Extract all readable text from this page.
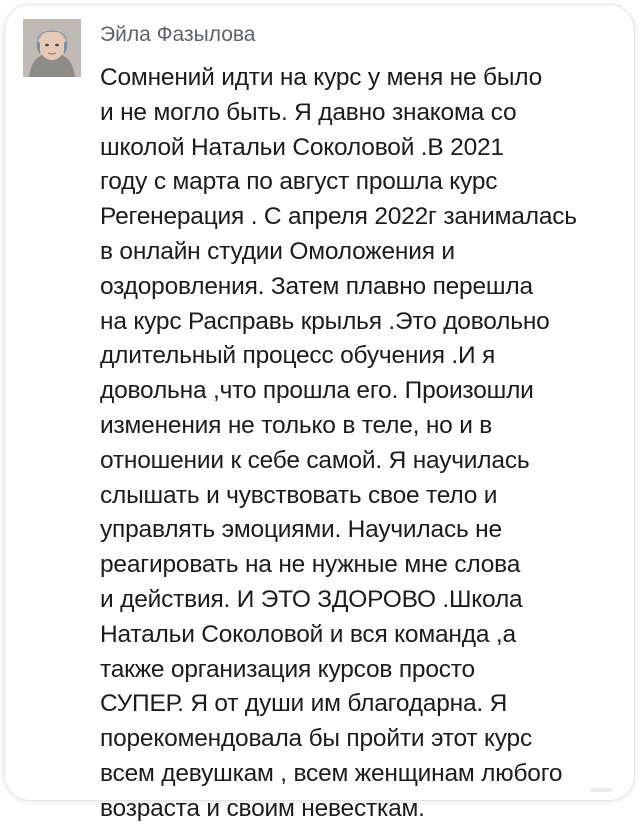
Эйла Фазылова
Сомнений идти на курс у меня не было
и не могло быть. Я давно знакома со
школой Натальи Соколовой .В 2021
году с марта по август прошла курс
Регенерация . С апреля 2022г занималась
в онлайн студии Омоложения и
оздоровления. Затем плавно перешла
на курс Расправь крылья .Это довольно
длительный процесс обучения .И я
довольна ,что прошла его. Произошли
изменения не только в теле, но и в
отношении к себе самой. Я научилась
слышать и чувствовать свое тело и
управлять эмоциями. Научилась не
реагировать на не нужные мне слова
и действия. И ЭТО ЗДОРОВО .Школа
Натальи Соколовой и вся команда ,а
также организация курсов просто
СУПЕР. Я от души им благодарна. Я
порекомендовала бы пройти этот курс
всем девушкам , всем женщинам любого
возраста и своим невесткам.
